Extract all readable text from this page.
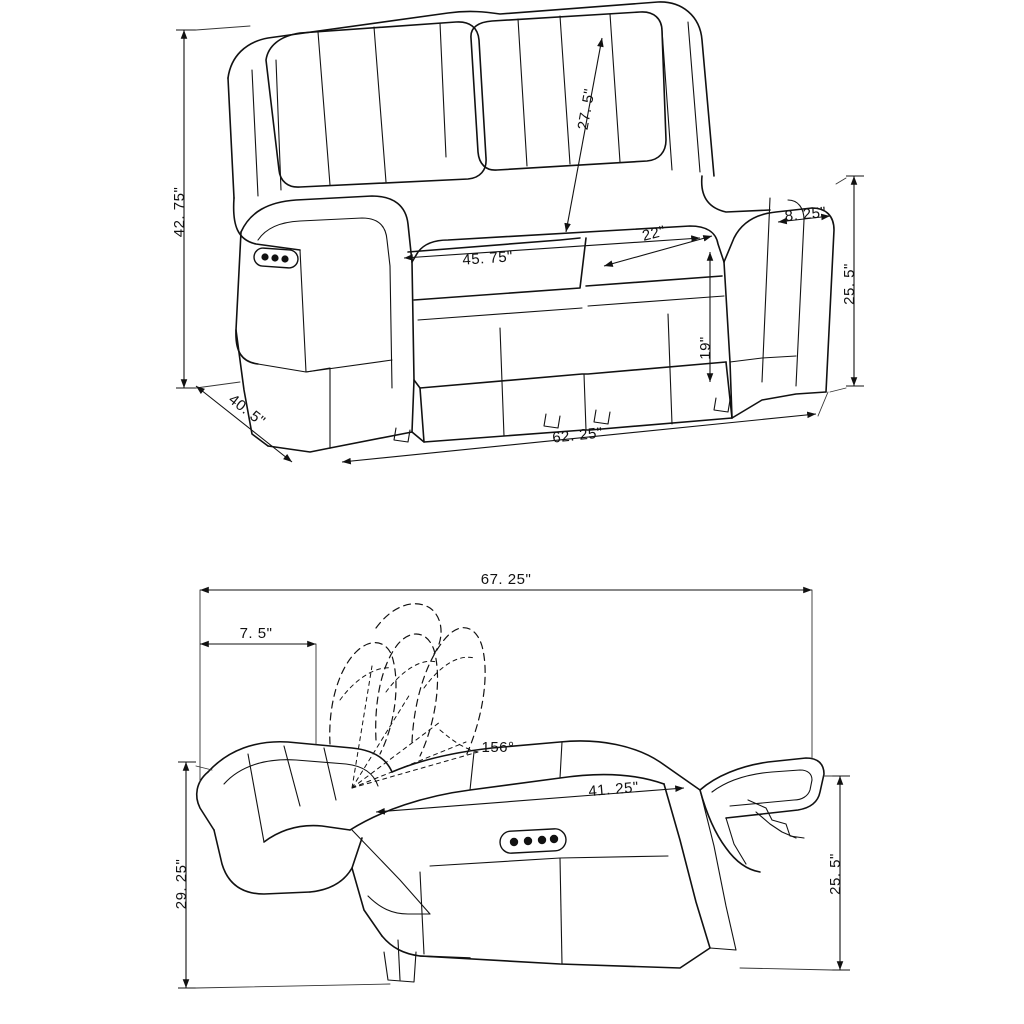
42. 75"
27. 5"
22"
45. 75"
8. 25"
25. 5"
19"
40. 5"
62. 25"
67. 25"
7. 5"
156°
41. 25"
29. 25"	25. 5"
